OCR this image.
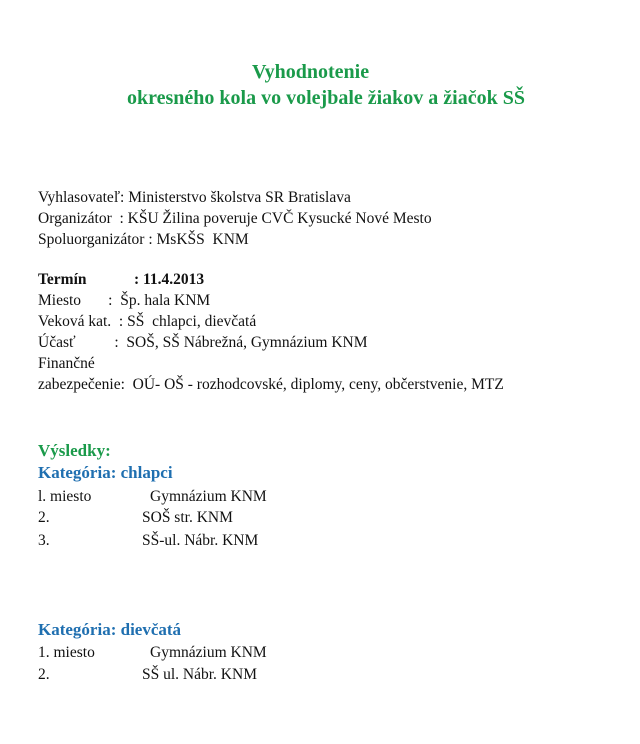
Vyhodnotenie
okresného kola vo volejbale žiakov a žiačok SŠ
Vyhlasovateľ: Ministerstvo školstva SR Bratislava
Organizátor  : KŠU Žilina poveruje CVČ Kysucké Nové Mesto
Spoluorganizátor : MsKŠS  KNM
Termín	: 11.4.2013
Miesto       :  Šp. hala KNM
Veková kat.  : SŠ  chlapci, dievčatá
Účasť          :  SOŠ, SŠ Nábrežná, Gymnázium KNM
Finančné
zabezpečenie:  OÚ- OŠ - rozhodcovské, diplomy, ceny, občerstvenie, MTZ
Výsledky:
Kategória: chlapci
l. miesto	Gymnázium KNM
2.	SOŠ str. KNM
3.	SŠ-ul. Nábr. KNM
Kategória: dievčatá
1. miesto	Gymnázium KNM
2.	SŠ ul. Nábr. KNM
